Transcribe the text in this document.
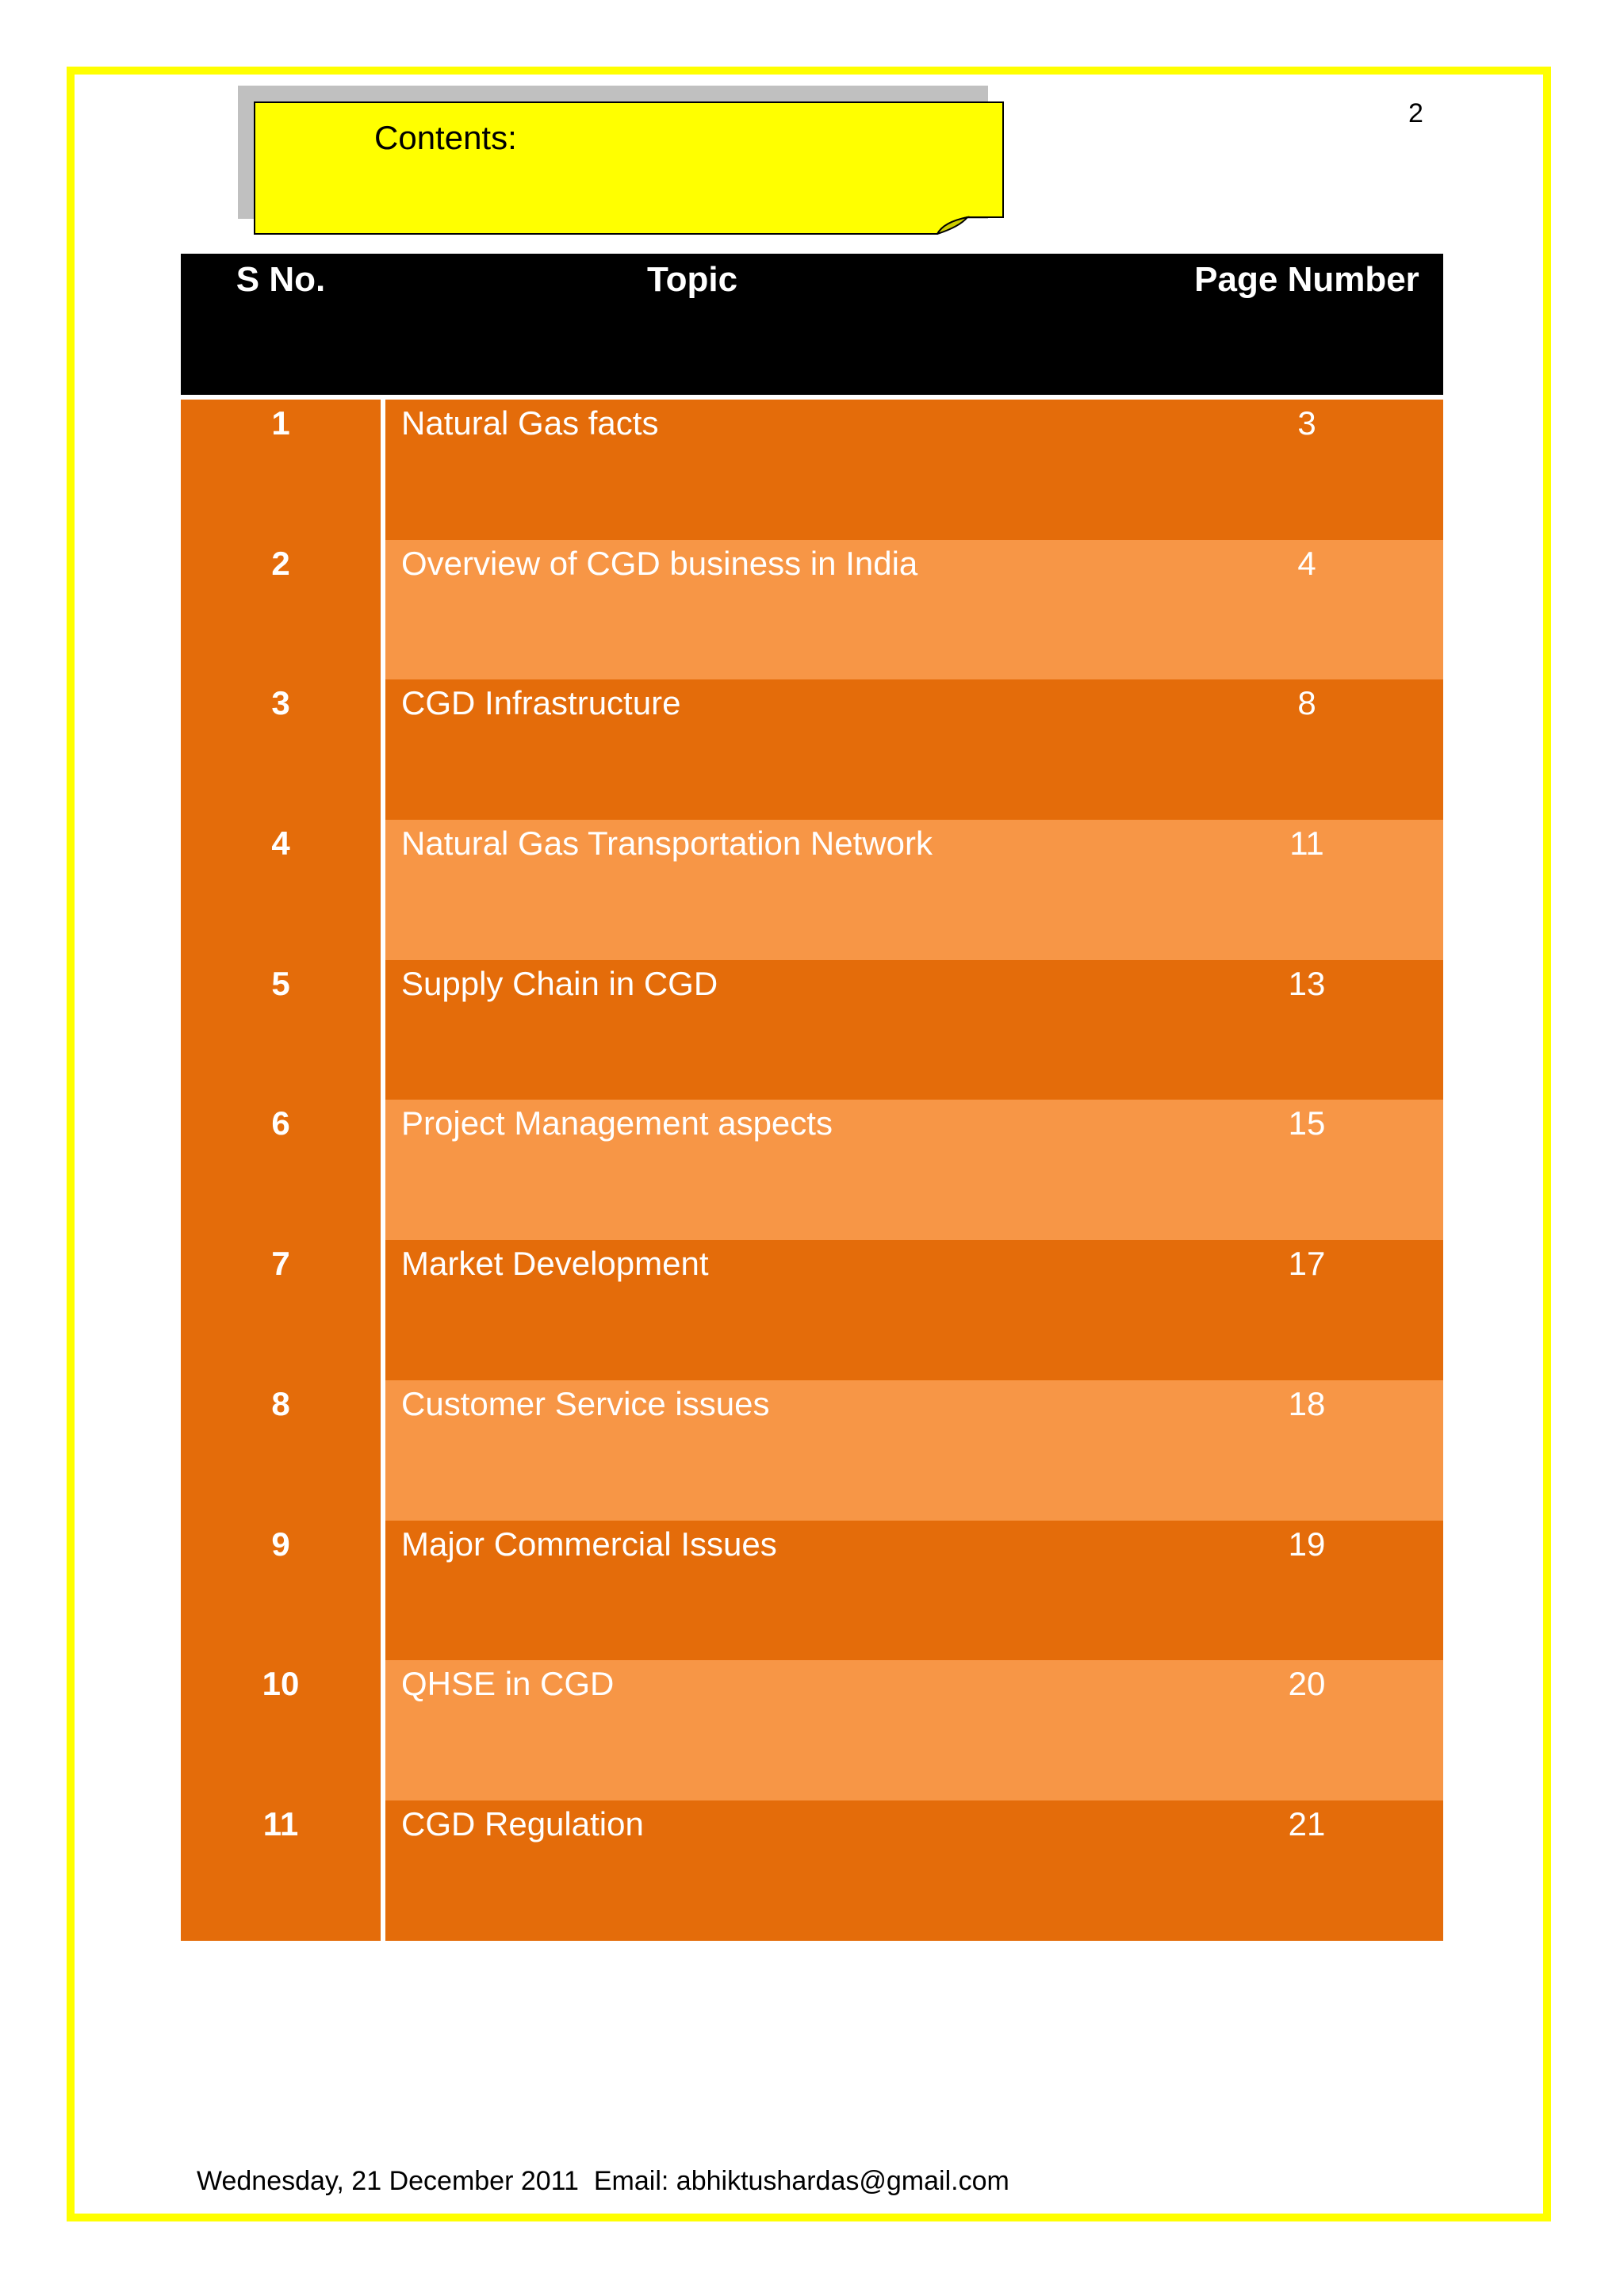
2
Contents:
S No.	Topic	Page Number
1	Natural Gas facts	3
2	Overview of CGD business in India	4
3	CGD Infrastructure	8
4	Natural Gas Transportation Network	11
5	Supply Chain in CGD	13
6	Project Management aspects	15
7	Market Development	17
8	Customer Service issues	18
9	Major Commercial Issues	19
10	QHSE in CGD	20
11	CGD Regulation	21
Wednesday, 21 December 2011 Email: abhiktushardas@gmail.com
